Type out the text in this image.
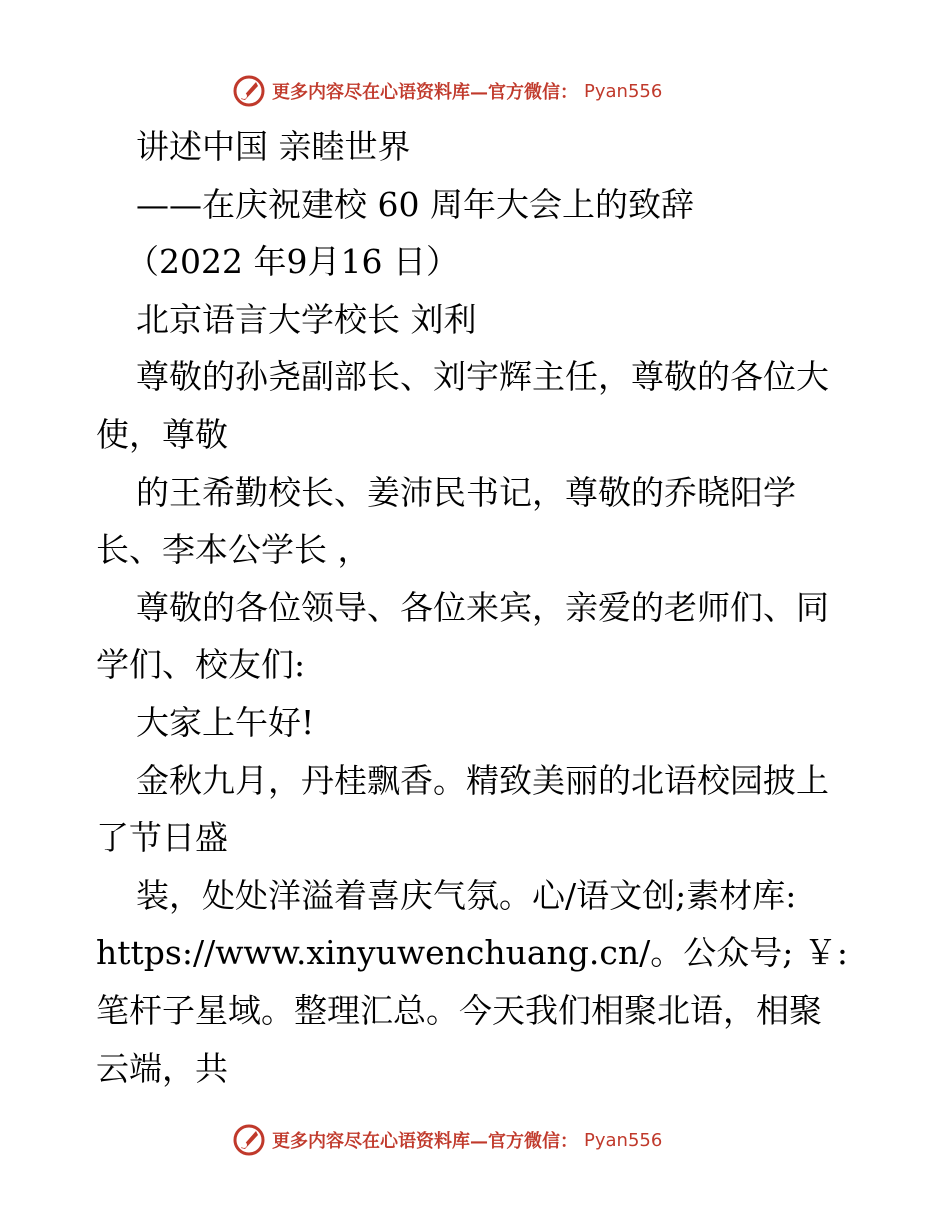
更多内容尽在心语资料库—官方微信： Pyan556
讲述中国 亲睦世界
——在庆祝建校 60 周年大会上的致辞
（2022 年9月16 日）
北京语言大学校长 刘利
尊敬的孙尧副部长、刘宇辉主任，尊敬的各位大
使，尊敬
的王希勤校长、姜沛民书记，尊敬的乔晓阳学
长、李本公学长 ，
尊敬的各位领导、各位来宾，亲爱的老师们、同
学们、校友们:
大家上午好!
金秋九月，丹桂飘香。精致美丽的北语校园披上
了节日盛
装，处处洋溢着喜庆气氛。心/语文创;素材库:
https://www.xinyuwenchuang.cn/。公众号; ￥:
笔杆子星域。整理汇总。今天我们相聚北语，相聚
云端，共
更多内容尽在心语资料库—官方微信： Pyan556
